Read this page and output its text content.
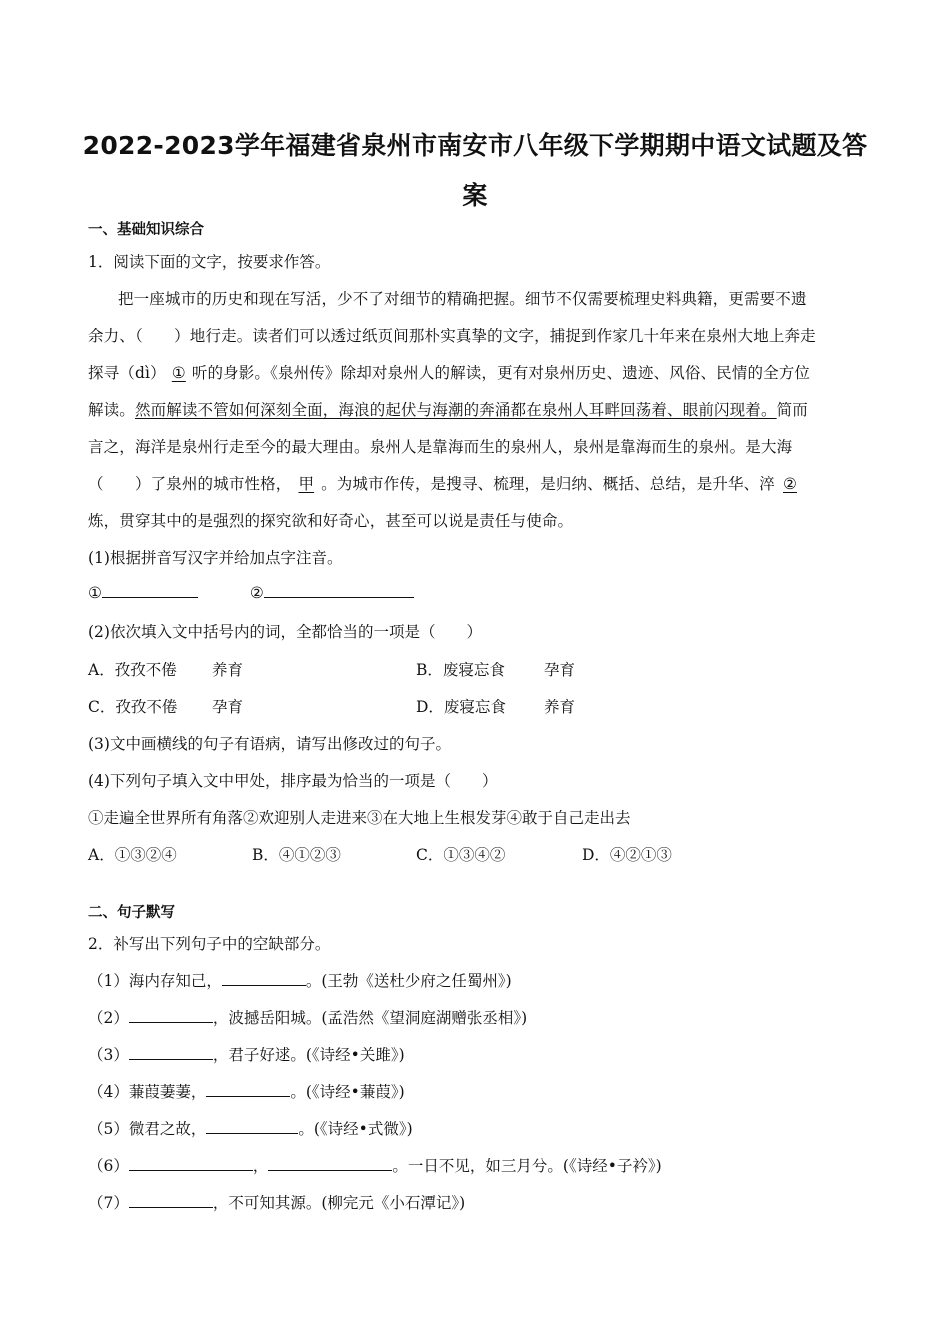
2022-2023学年福建省泉州市南安市八年级下学期期中语文试题及答
案
一、基础知识综合
1．阅读下面的文字，按要求作答。
把一座城市的历史和现在写活，少不了对细节的精确把握。细节不仅需要梳理史料典籍，更需要不遗
余力、（　　）地行走。读者们可以透过纸页间那朴实真挚的文字，捕捉到作家几十年来在泉州大地上奔走
探寻（dì） ① 听的身影。《泉州传》除却对泉州人的解读，更有对泉州历史、遗迹、风俗、民情的全方位
解读。然而解读不管如何深刻全面，海浪的起伏与海潮的奔涌都在泉州人耳畔回荡着、眼前闪现着。简而
言之，海洋是泉州行走至今的最大理由。泉州人是靠海而生的泉州人，泉州是靠海而生的泉州。是大海
（　　）了泉州的城市性格， 甲 。为城市作传，是搜寻、梳理，是归纳、概括、总结，是升华、淬 ②
炼，贯穿其中的是强烈的探究欲和好奇心，甚至可以说是责任与使命。
(1)根据拼音写汉字并给加点字注音。
①	②
(2)依次填入文中括号内的词，全都恰当的一项是（　　）
A．孜孜不倦 养育	B．废寝忘食	孕育
C．孜孜不倦 孕育	D．废寝忘食 养育
(3)文中画横线的句子有语病，请写出修改过的句子。
(4)下列句子填入文中甲处，排序最为恰当的一项是（　　）
①走遍全世界所有角落②欢迎别人走进来③在大地上生根发芽④敢于自己走出去
A．①③②④	B．④①②③	C．①③④②	D．④②①③
二、句子默写
2．补写出下列句子中的空缺部分。
（1）海内存知己，	。(王勃《送杜少府之任蜀州》)
（2）	，波撼岳阳城。(孟浩然《望洞庭湖赠张丞相》)
（3）	，君子好逑。(《诗经•关雎》)
（4）蒹葭萋萋，	。(《诗经•蒹葭》)
（5）微君之故，	。(《诗经•式微》)
（6）	，	。一日不见，如三月兮。(《诗经•子衿》)
（7）	，不可知其源。(柳完元《小石潭记》)
